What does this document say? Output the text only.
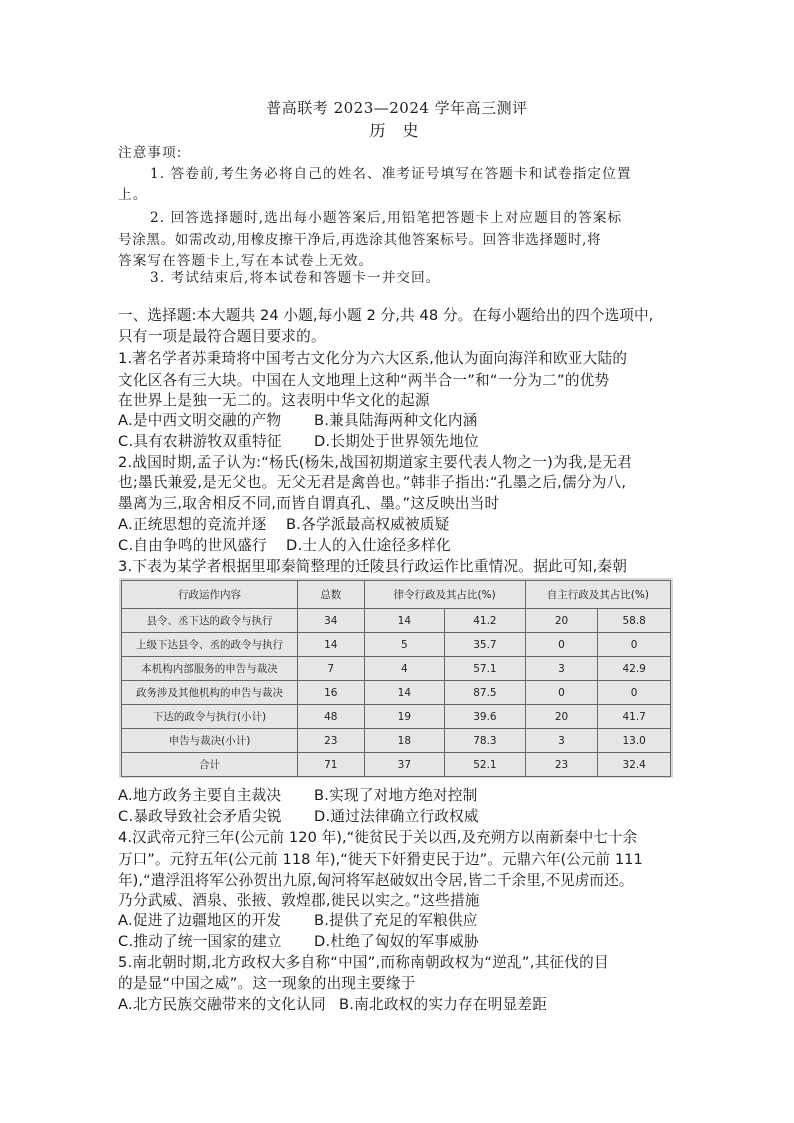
普高联考 2023—2024 学年高三测评
历 史
注意事项:
1. 答卷前,考生务必将自己的姓名、准考证号填写在答题卡和试卷指定位置
上。
2. 回答选择题时,选出每小题答案后,用铅笔把答题卡上对应题目的答案标
号涂黑。如需改动,用橡皮擦干净后,再选涂其他答案标号。回答非选择题时,将
答案写在答题卡上,写在本试卷上无效。
3. 考试结束后,将本试卷和答题卡一并交回。
一、选择题:本大题共 24 小题,每小题 2 分,共 48 分。在每小题给出的四个选项中,
只有一项是最符合题目要求的。
1.著名学者苏秉琦将中国考古文化分为六大区系,他认为面向海洋和欧亚大陆的
文化区各有三大块。中国在人文地理上这种“两半合一”和“一分为二”的优势
在世界上是独一无二的。这表明中华文化的起源
A.是中西文明交融的产物 B.兼具陆海两种文化内涵
C.具有农耕游牧双重特征 D.长期处于世界领先地位
2.战国时期,孟子认为:“杨氏(杨朱,战国初期道家主要代表人物之一)为我,是无君
也;墨氏兼爱,是无父也。无父无君是禽兽也。”韩非子指出:“孔墨之后,儒分为八,
墨离为三,取舍相反不同,而皆自谓真孔、墨。”这反映出当时
A.正统思想的竞流并逐 B.各学派最高权威被质疑
C.自由争鸣的世风盛行 D.士人的入仕途径多样化
3.下表为某学者根据里耶秦简整理的迁陵县行政运作比重情况。据此可知,秦朝
行政运作内容	总数	律令行政及其占比(%)		自主行政及其占比(%)	
县令、丞下达的政令与执行	34	14	41.2	20	58.8
上级下达县令、丞的政令与执行	14	5	35.7	0	0
本机构内部服务的申告与裁决	7	4	57.1	3	42.9
政务涉及其他机构的申告与裁决	16	14	87.5	0	0
下达的政令与执行(小计)	48	19	39.6	20	41.7
申告与裁决(小计)	23	18	78.3	3	13.0
合计	71	37	52.1	23	32.4
A.地方政务主要自主裁决 B.实现了对地方绝对控制
C.暴政导致社会矛盾尖锐 D.通过法律确立行政权威
4.汉武帝元狩三年(公元前 120 年),“徙贫民于关以西,及充朔方以南新秦中七十余
万口”。元狩五年(公元前 118 年),“徙天下奸猾吏民于边”。元鼎六年(公元前 111
年),“遣浮沮将军公孙贺出九原,匈河将军赵破奴出令居,皆二千余里,不见虏而还。
乃分武威、酒泉、张掖、敦煌郡,徙民以实之。”这些措施
A.促进了边疆地区的开发 B.提供了充足的军粮供应
C.推动了统一国家的建立 D.杜绝了匈奴的军事威胁
5.南北朝时期,北方政权大多自称“中国”,而称南朝政权为“逆乱”,其征伐的目
的是显“中国之威”。这一现象的出现主要缘于
A.北方民族交融带来的文化认同 B.南北政权的实力存在明显差距
